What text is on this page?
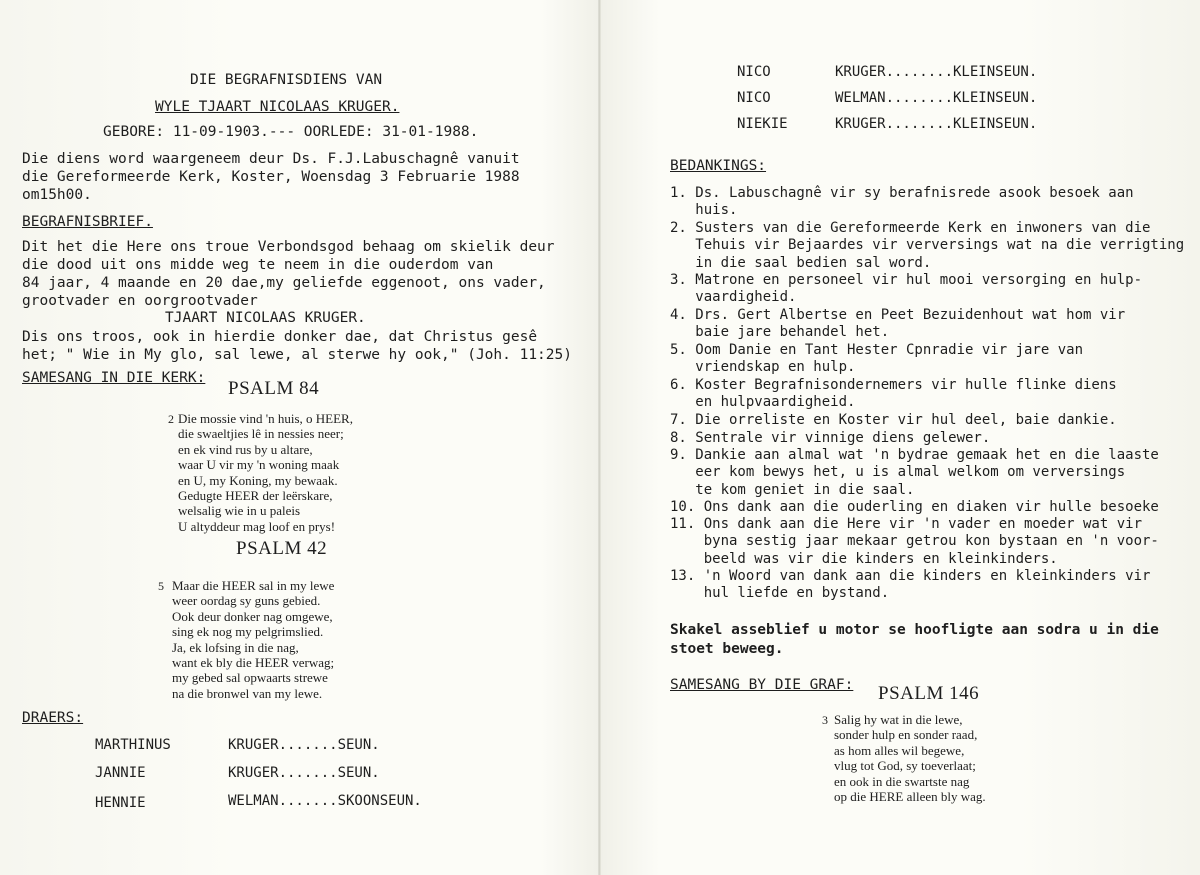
DIE BEGRAFNISDIENS VAN
WYLE TJAART NICOLAAS KRUGER.
GEBORE: 11-09-1903.--- OORLEDE: 31-01-1988.
Die diens word waargeneem deur Ds. F.J.Labuschagnê vanuit
die Gereformeerde Kerk, Koster, Woensdag 3 Februarie 1988
om15h00.
BEGRAFNISBRIEF.
Dit het die Here ons troue Verbondsgod behaag om skielik deur
die dood uit ons midde weg te neem in die ouderdom van
84 jaar, 4 maande en 20 dae,my geliefde eggenoot, ons vader,
grootvader en oorgrootvader
TJAART NICOLAAS KRUGER.
Dis ons troos, ook in hierdie donker dae, dat Christus gesê
het; " Wie in My glo, sal lewe, al sterwe hy ook," (Joh. 11:25)
SAMESANG IN DIE KERK: PSALM 84
2 Die mossie vind 'n huis, o HEER,
die swaeltjies lê in nessies neer;
en ek vind rus by u altare,
waar U vir my 'n woning maak
en U, my Koning, my bewaak.
Gedugte HEER der leërskare,
welsalig wie in u paleis
U altyddeur mag loof en prys!
PSALM 42
5 Maar die HEER sal in my lewe
weer oordag sy guns gebied.
Ook deur donker nag omgewe,
sing ek nog my pelgrimslied.
Ja, ek lofsing in die nag,
want ek bly die HEER verwag;
my gebed sal opwaarts strewe
na die bronwel van my lewe.
DRAERS:
MARTHINUS	KRUGER.......SEUN.
JANNIE	KRUGER.......SEUN.
HENNIE	WELMAN.......SKOONSEUN.
NICO	KRUGER........KLEINSEUN.
NICO	WELMAN........KLEINSEUN.
NIEKIE	KRUGER........KLEINSEUN.
BEDANKINGS:
1. Ds. Labuschagnê vir sy berafnisrede asook besoek aan
huis.
2. Susters van die Gereformeerde Kerk en inwoners van die
Tehuis vir Bejaardes vir verversings wat na die verrigting
in die saal bedien sal word.
3. Matrone en personeel vir hul mooi versorging en hulp-
vaardigheid.
4. Drs. Gert Albertse en Peet Bezuidenhout wat hom vir
baie jare behandel het.
5. Oom Danie en Tant Hester Cpnradie vir jare van
vriendskap en hulp.
6. Koster Begrafnisondernemers vir hulle flinke diens
en hulpvaardigheid.
7. Die orreliste en Koster vir hul deel, baie dankie.
8. Sentrale vir vinnige diens gelewer.
9. Dankie aan almal wat 'n bydrae gemaak het en die laaste
eer kom bewys het, u is almal welkom om verversings
te kom geniet in die saal.
10. Ons dank aan die ouderling en diaken vir hulle besoeke
11. Ons dank aan die Here vir 'n vader en moeder wat vir
byna sestig jaar mekaar getrou kon bystaan en 'n voor-
beeld was vir die kinders en kleinkinders.
13. 'n Woord van dank aan die kinders en kleinkinders vir
hul liefde en bystand.
Skakel asseblief u motor se hoofligte aan sodra u in die
stoet beweeg.
SAMESANG BY DIE GRAF: PSALM 146
3 Salig hy wat in die lewe,
sonder hulp en sonder raad,
as hom alles wil begewe,
vlug tot God, sy toeverlaat;
en ook in die swartste nag
op die HERE alleen bly wag.
